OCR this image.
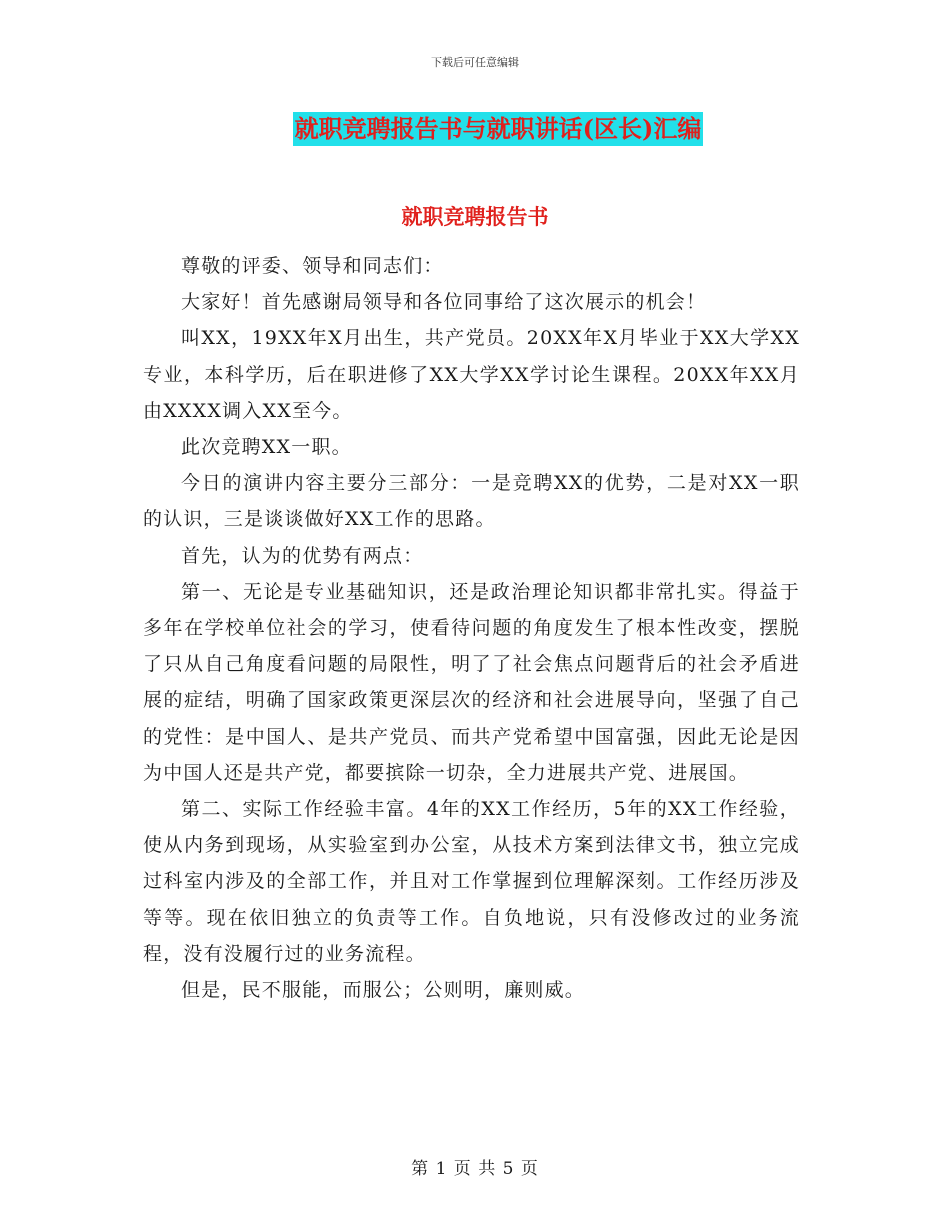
下载后可任意编辑
就职竞聘报告书与就职讲话(区长)汇编
就职竞聘报告书

尊敬的评委、领导和同志们：

大家好！首先感谢局领导和各位同事给了这次展示的机会！

叫XX，19XX年X月出生，共产党员。20XX年X月毕业于XX大学XX专业，本科学历，后在职进修了XX大学XX学讨论生课程。20XX年XX月由XXXX调入XX至今。

此次竞聘XX一职。

今日的演讲内容主要分三部分：一是竞聘XX的优势，二是对XX一职的认识，三是谈谈做好XX工作的思路。

首先，认为的优势有两点：

第一、无论是专业基础知识，还是政治理论知识都非常扎实。得益于多年在学校单位社会的学习，使看待问题的角度发生了根本性改变，摆脱了只从自己角度看问题的局限性，明了了社会焦点问题背后的社会矛盾进展的症结，明确了国家政策更深层次的经济和社会进展导向，坚强了自己的党性：是中国人、是共产党员、而共产党希望中国富强，因此无论是因为中国人还是共产党，都要摈除一切杂，全力进展共产党、进展国。

第二、实际工作经验丰富。4年的XX工作经历，5年的XX工作经验，使从内务到现场，从实验室到办公室，从技术方案到法律文书，独立完成过科室内涉及的全部工作，并且对工作掌握到位理解深刻。工作经历涉及等等。现在依旧独立的负责等工作。自负地说，只有没修改过的业务流程，没有没履行过的业务流程。

但是，民不服能，而服公；公则明，廉则威。

第 1 页 共 5 页
